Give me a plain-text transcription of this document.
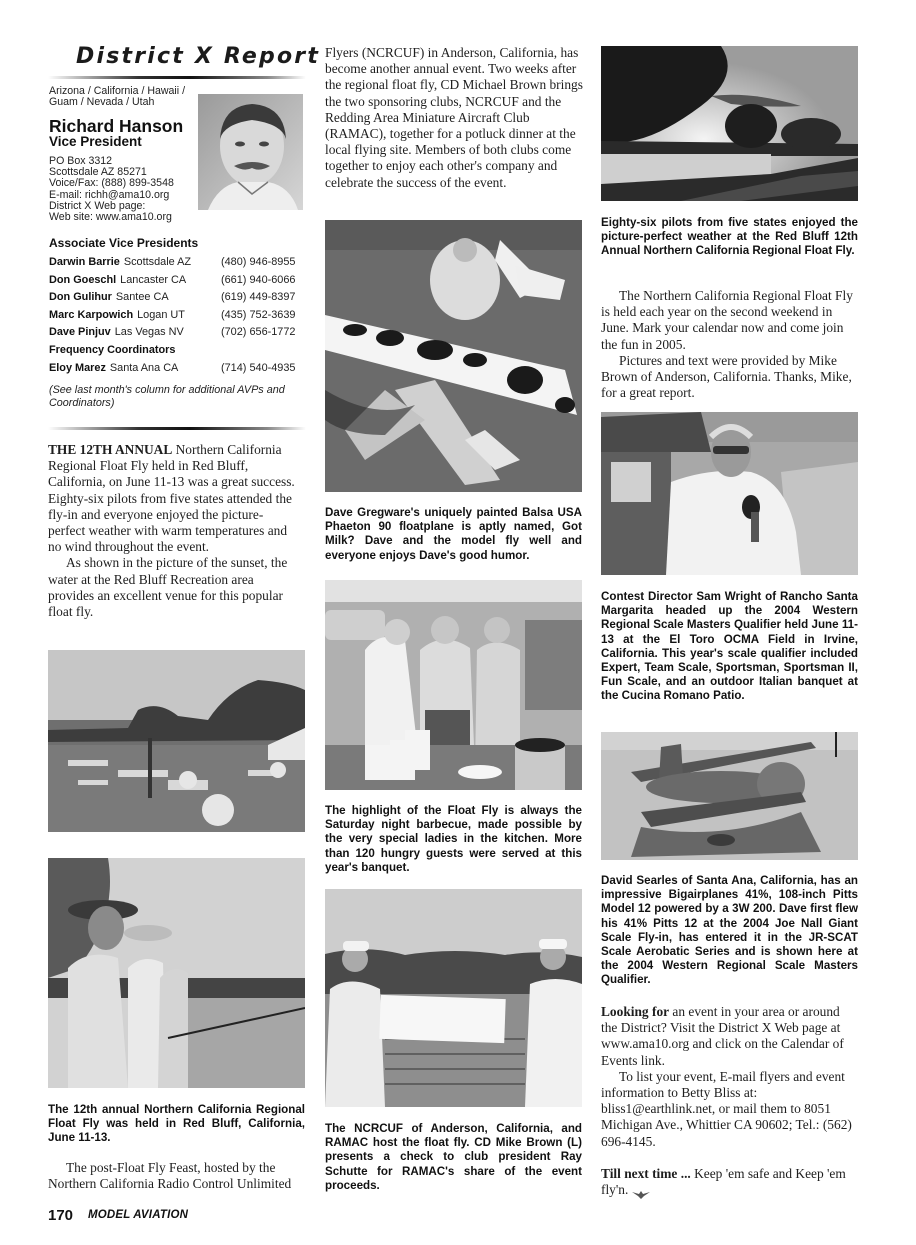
District X Report
Arizona / California / Hawaii / Guam / Nevada / Utah
Richard Hanson
Vice President
PO Box 3312
Scottsdale AZ 85271
Voice/Fax: (888) 899-3548
E-mail: richh@ama10.org
District X Web page:
Web site: www.ama10.org
Associate Vice Presidents
Darwin Barrie Scottsdale AZ	(480) 946-8955
Don Goeschl Lancaster CA	(661) 940-6066
Don Gulihur Santee CA	(619) 449-8397
Marc Karpowich Logan UT	(435) 752-3639
Dave Pinjuv Las Vegas NV	(702) 656-1772
Frequency Coordinators
Eloy Marez Santa Ana CA	(714) 540-4935
(See last month's column for additional AVPs and Coordinators)

THE 12TH ANNUAL Northern California Regional Float Fly held in Red Bluff, California, on June 11-13 was a great success. Eighty-six pilots from five states attended the fly-in and everyone enjoyed the picture-perfect weather with warm temperatures and no wind throughout the event.

As shown in the picture of the sunset, the water at the Red Bluff Recreation area provides an excellent venue for this popular float fly.

The 12th annual Northern California Regional Float Fly was held in Red Bluff, California, June 11-13.
The post-Float Fly Feast, hosted by the Northern California Radio Control Unlimited
Flyers (NCRCUF) in Anderson, California, has become another annual event. Two weeks after the regional float fly, CD Michael Brown brings the two sponsoring clubs, NCRCUF and the Redding Area Miniature Aircraft Club (RAMAC), together for a potluck dinner at the local flying site. Members of both clubs come together to enjoy each other's company and celebrate the success of the event.
Dave Gregware's uniquely painted Balsa USA Phaeton 90 floatplane is aptly named, Got Milk? Dave and the model fly well and everyone enjoys Dave's good humor.
The highlight of the Float Fly is always the Saturday night barbecue, made possible by the very special ladies in the kitchen. More than 120 hungry guests were served at this year's banquet.
The NCRCUF of Anderson, California, and RAMAC host the float fly. CD Mike Brown (L) presents a check to club president Ray Schutte for RAMAC's share of the event proceeds.
Eighty-six pilots from five states enjoyed the picture-perfect weather at the Red Bluff 12th Annual Northern California Regional Float Fly.

The Northern California Regional Float Fly is held each year on the second weekend in June. Mark your calendar now and come join the fun in 2005.

Pictures and text were provided by Mike Brown of Anderson, California. Thanks, Mike, for a great report.

Contest Director Sam Wright of Rancho Santa Margarita headed up the 2004 Western Regional Scale Masters Qualifier held June 11-13 at the El Toro OCMA Field in Irvine, California. This year's scale qualifier included Expert, Team Scale, Sportsman, Sportsman II, Fun Scale, and an outdoor Italian banquet at the Cucina Romano Patio.
David Searles of Santa Ana, California, has an impressive Bigairplanes 41%, 108-inch Pitts Model 12 powered by a 3W 200. Dave first flew his 41% Pitts 12 at the 2004 Joe Nall Giant Scale Fly-in, has entered it in the JR-SCAT Scale Aerobatic Series and is shown here at the 2004 Western Regional Scale Masters Qualifier.

Looking for an event in your area or around the District? Visit the District X Web page at www.ama10.org and click on the Calendar of Events link.

To list your event, E-mail flyers and event information to Betty Bliss at: bliss1@earthlink.net, or mail them to 8051 Michigan Ave., Whittier CA 90602; Tel.: (562) 696-4145.

Till next time ... Keep 'em safe and Keep 'em fly'n.

170 MODEL AVIATION
